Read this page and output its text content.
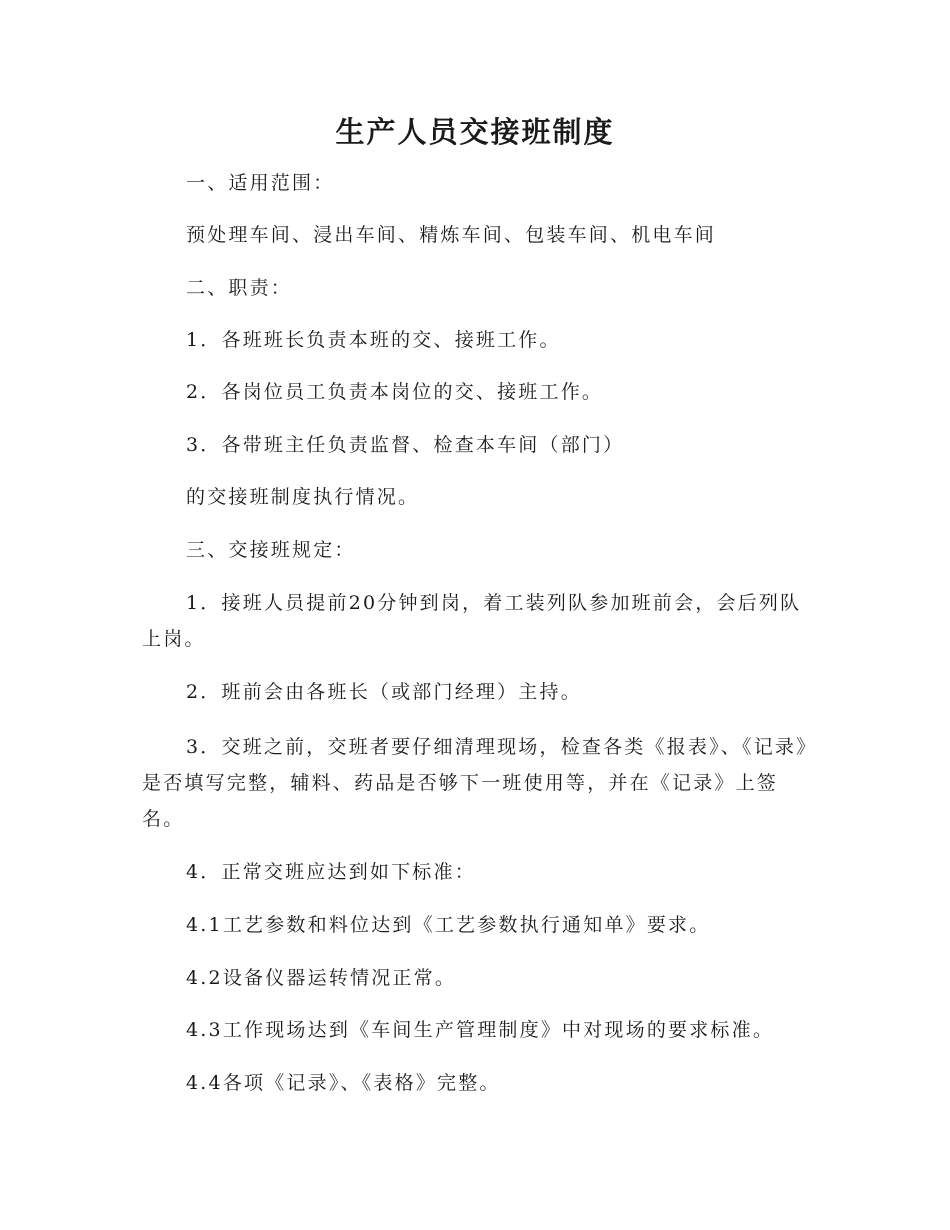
生产人员交接班制度
一、适用范围：
预处理车间、浸出车间、精炼车间、包装车间、机电车间
二、职责：
1．各班班长负责本班的交、接班工作。
2．各岗位员工负责本岗位的交、接班工作。
3．各带班主任负责监督、检查本车间（部门）
的交接班制度执行情况。
三、交接班规定：
1．接班人员提前20分钟到岗，着工装列队参加班前会，会后列队上岗。
2．班前会由各班长（或部门经理）主持。
3．交班之前，交班者要仔细清理现场，检查各类《报表》、《记录》是否填写完整，辅料、药品是否够下一班使用等，并在《记录》上签名。
4．正常交班应达到如下标准：
4.1工艺参数和料位达到《工艺参数执行通知单》要求。
4.2设备仪器运转情况正常。
4.3工作现场达到《车间生产管理制度》中对现场的要求标准。
4.4各项《记录》、《表格》完整。
